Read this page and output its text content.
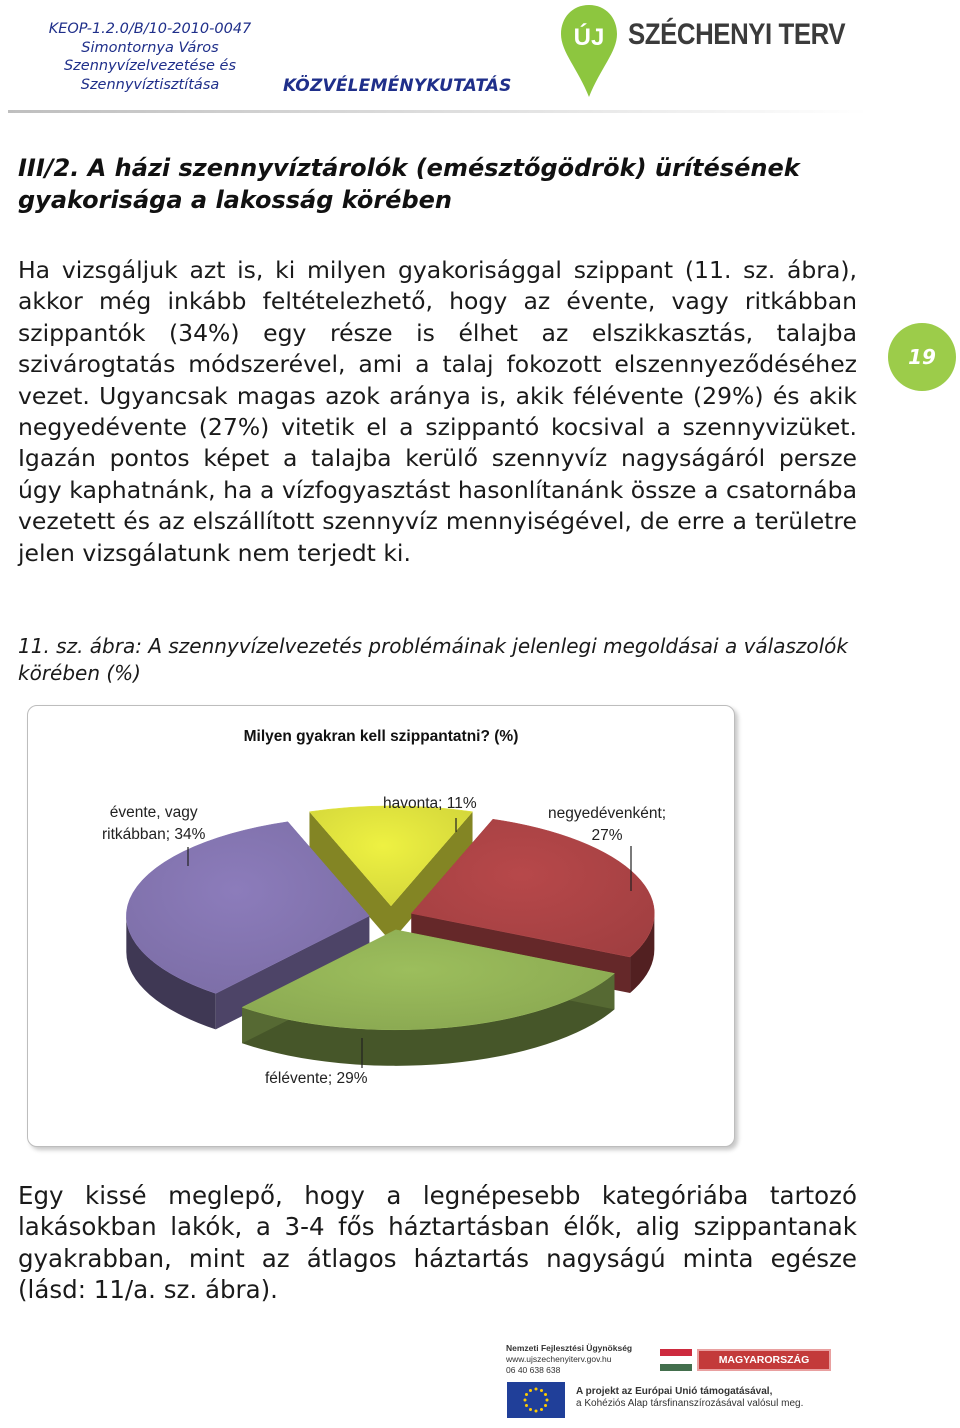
KEOP-1.2.0/B/10-2010-0047
Simontornya Város
Szennyvízelvezetése és
Szennyvíztisztítása	KÖZVÉLEMÉNYKUTATÁS
ÚJ SZÉCHENYI TERV
III/2. A házi szennyvíztárolók (emésztőgödrök) ürítésének gyakorisága a lakosság körében

Ha vizsgáljuk azt is, ki milyen gyakorisággal szippant (11. sz. ábra), akkor még inkább feltételezhető, hogy az évente, vagy ritkábban szippantók (34%) egy része is élhet az elszikkasztás, talajba szivárogtatás módszerével, ami a talaj fokozott elszennyeződéséhez vezet. Ugyancsak magas azok aránya is, akik félévente (29%) és akik negyedévente (27%) vitetik el a szippantó kocsival a szennyvizüket. Igazán pontos képet a talajba kerülő szennyvíz nagyságáról persze úgy kaphatnánk, ha a vízfogyasztást hasonlítanánk össze a csatornába vezetett és az elszállított szennyvíz mennyiségével, de erre a területre jelen vizsgálatunk nem terjedt ki.

19
11. sz. ábra: A szennyvízelvezetés problémáinak jelenlegi megoldásai a válaszolók körében (%)
Milyen gyakran kell szippantatni? (%)
havonta; 11%
negyedévenként;
27%
félévente; 29%
évente, vagy
ritkábban; 34%

Egy kissé meglepő, hogy a legnépesebb kategóriába tartozó lakásokban lakók, a 3-4 fős háztartásban élők, alig szippantanak gyakrabban, mint az átlagos háztartás nagyságú minta egésze (lásd: 11/a. sz. ábra).

Nemzeti Fejlesztési Ügynökség
www.ujszechenyiterv.gov.hu
06 40 638 638
MAGYARORSZÁG MEGÚJUL
A projekt az Európai Unió támogatásával,
a Kohéziós Alap társfinanszírozásával valósul meg.
